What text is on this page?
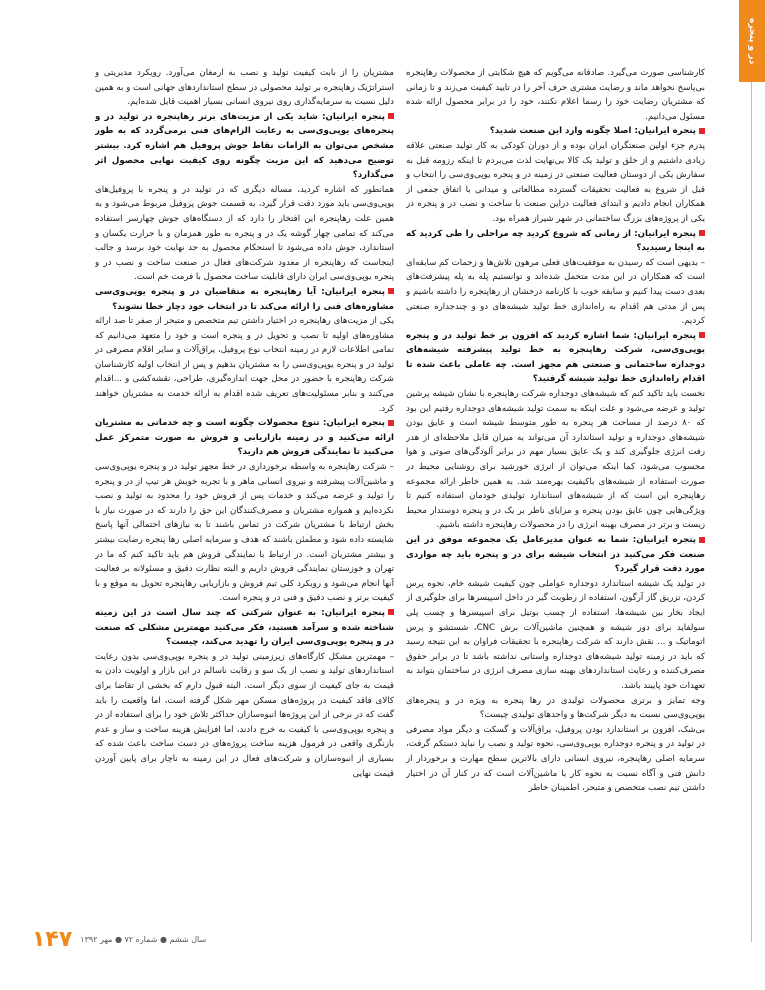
در و پنجره

کارشناسی صورت می‌گیرد. صادقانه می‌گویم که هیچ شکایتی از محصولات رهاپنجره بی‌پاسخ نخواهد ماند و رضایت مشتری حرف آخر را در تایید کیفیت می‌زند و تا زمانی که مشتریان رضایت خود را رسما اعلام نکنند، خود را در برابر محصول ارائه شده مسئول می‌دانیم.

پنجره ایرانیان: اصلا چگونه وارد این صنعت شدید؟

پدرم جزء اولین صنعتگران ایران بوده و از دوران کودکی به کار تولید صنعتی علاقه زیادی داشتیم و از خلق و تولید یک کالا بی‌نهایت لذت می‌بردم تا اینکه رزومه قبل به سفارش یکی از دوستان فعالیت صنعتی در زمینه در و پنجره یوپی‌وی‌سی را انتخاب و قبل از شروع به فعالیت تحقیقات گسترده مطالعاتی و میدانی با اتفاق جمعی از همکاران انجام دادیم و ابتدای فعالیت دراین صنعت با ساخت و نصب در و پنجره در یکی از پروژه‌های بزرگ ساختمانی در شهر شیراز همراه بود.

پنجره ایرانیان: از زمانی که شروع کردید چه مراحلی را طی کردید که به اینجا رسیدید؟

– بدیهی است که رسیدن به موفقیت‌های فعلی مرهون تلاش‌ها و زحمات کم سابقه‌ای است که همکاران در این مدت متحمل شده‌اند و توانستیم پله به پله پیشرفت‌های بعدی دست پیدا کنیم و سابقه خوب با کارنامه درخشان از رهاپنجره را داشته باشیم و پس از مدتی هم اقدام به راه‌اندازی خط تولید شیشه‌های دو و چندجداره صنعتی کردیم.

پنجره ایرانیان: شما اشاره کردید که افزون بر خط تولید در و پنجره یوپی‌وی‌سی، شرکت رهاپنجره به خط تولید پیشرفته شیشه‌های دوجداره ساختمانی و صنعتی هم مجهز است. چه عاملی باعث شده تا اقدام راه‌اندازی خط تولید شیشه گرفتید؟

نخست باید تاکید کنم که شیشه‌های دوجداره شرکت رهاپنجره با نشان شیشه پرشین تولید و عرضه می‌شود و علت اینکه به سمت تولید شیشه‌های دوجداره رفتیم این بود که ۸۰ درصد از مساحت هر پنجره به طور متوسط شیشه است و عایق بودن شیشه‌های دوجداره و تولید استاندارد آن می‌تواند به میزان قابل ملاحظه‌ای از هدر رفت انرژی جلوگیری کند و یک عایق بسیار مهم در برابر آلودگی‌های صوتی و هوا محسوب می‌شود، کما اینکه می‌توان از انرژی خورشید برای روشنایی محیط در صورت استفاده از شیشه‌های باکیفیت بهره‌مند شد. به همین خاطر ارائه مجموعه رهاپنجره این است که از شیشه‌های استاندارد تولیدی خودمان استفاده کنیم تا ویژگی‌هایی چون عایق بودن پنجره و مزایای ناظر بر یک در و پنجره دوستدار محیط زیست و برتر در مصرف بهینه انرژی را در محصولات رهاپنجره داشته باشیم.

پنجره ایرانیان: شما به عنوان مدیرعامل یک مجموعه موفق در این صنعت فکر می‌کنید در انتخاب شیشه برای در و پنجره باید چه مواردی مورد دقت قرار گیرد؟

در تولید یک شیشه استاندارد دوجداره عواملی چون کیفیت شیشه خام، نحوه پرس کردن، تزریق گاز آرگون، استفاده از رطوبت گیر در داخل اسپیسرها برای جلوگیری از ایجاد بخار بین شیشه‌ها، استفاده از چسب بوتیل برای اسپیسرها و چسب پلی سولفاید برای دور شیشه و همچنین ماشین‌آلات برش CNC، شستشو و پرس اتوماتیک و ... نقش دارند که شرکت رهاپنجره با تحقیقات فراوان به این نتیجه رسید که باید در زمینه تولید شیشه‌های دوجداره واستانی نداشته باشد تا در برابر حقوق مصرف‌کننده و رعایت استانداردهای بهینه سازی مصرف انرژی در ساختمان بتواند به تعهدات خود پایبند باشد.

وجه تمایز و برتری محصولات تولیدی در رها پنجره به ویژه در و پنجره‌های یوپی‌وی‌سی نسبت به دیگر شرکت‌ها و واحدهای تولیدی چیست؟

بی‌شک، افزون بر استاندارد بودن پروفیل، یراق‌آلات و گسکت و دیگر مواد مصرفی در تولید در و پنجره دوجداره یوپی‌وی‌سی، نحوه تولید و نصب را نباید دستکم گرفت، سرمایه اصلی رهاپنجره، نیروی انسانی دارای بالاترین سطح مهارت و برخوردار از دانش فنی و آگاه نسبت به نحوه کار با ماشین‌آلات است که در کنار آن در اختیار داشتن تیم نصب متخصص و متبحر، اطمینان خاطر

مشتریان را از بابت کیفیت تولید و نصب به ارمغان می‌آورد. رویکرد مدیریتی و استراتژیک رهاپنجره بر تولید محصولی در سطح استانداردهای جهانی است و به همین دلیل نسبت به سرمایه‌گذاری روی نیروی انسانی بسیار اهمیت قایل شده‌ایم.

پنجره ایرانیان: شاید یکی از مزیت‌های برتر رهاپنجره در تولید در و پنجره‌های یوپی‌وی‌سی به رعایت الزام‌های فنی برمی‌گردد که به طور مشخص می‌توان به الزامات نقاط جوش پروفیل هم اشاره کرد. بیشتر توضیح می‌دهید که این مزیت چگونه روی کیفیت نهایی محصول اثر می‌گذارد؟

همانطور که اشاره کردید، مساله دیگری که در تولید در و پنجره با پروفیل‌های یوپی‌وی‌سی باید مورد دقت قرار گیرد، به قسمت جوش پروفیل مربوط می‌شود و به همین علت رهاپنجره این افتخار را دارد که از دستگاه‌های جوش چهارسر استفاده می‌کند که تمامی چهار گوشه یک در و پنجره به طور همزمان و با حرارت یکسان و استاندارد، جوش داده می‌شود تا استحکام محصول به حد نهایت خود برسد و جالب اینجاست که رهاپنجره از معدود شرکت‌های فعال در صنعت ساخت و نصب در و پنجره یوپی‌وی‌سی ایران دارای قابلیت ساخت محصول با فرمت خم است.

پنجره ایرانیان: آیا رهاپنجره به متقاضیان در و پنجره یوپی‌وی‌سی مشاوره‌های فنی را ارائه می‌کند تا در انتخاب خود دچار خطا نشوند؟

یکی از مزیت‌های رهاپنجره در اختیار داشتن تیم متخصص و متبحر از صفر تا صد ارائه مشاوره‌های اولیه تا نصب و تحویل در و پنجره است و خود را متعهد می‌دانیم که تمامی اطلاعات لازم در زمینه انتخاب نوع پروفیل، یراق‌آلات و سایر اقلام مصرفی در تولید در و پنجره یوپی‌وی‌سی را به مشتریان بدهیم و پس از انتخاب اولیه کارشناسان شرکت رهاپنجره با حضور در محل جهت اندازه‌گیری، طراحی، نقشه‌کشی و ...اقدام می‌کنند و بنابر مسئولیت‌های تعریف شده اقدام به ارائه خدمت به مشتریان خواهند کرد.

پنجره ایرانیان: تنوع محصولات چگونه است و چه خدماتی به مشتریان ارائه می‌کنید و در زمینه بازاریابی و فروش به صورت متمرکز عمل می‌کنید تا نمایندگی فروش هم دارید؟

– شرکت رهاپنجره به واسطه برخورداری در خط مجهز تولید در و پنجره یوپی‌وی‌سی و ماشین‌آلات پیشرفته و نیروی انسانی ماهر و با تجربه خویش هر تیپ از در و پنجره را تولید و عرضه می‌کند و خدمات پس از فروش خود را محدود به تولید و نصب نکرده‌ایم و همواره مشتریان و مصرف‌کنندگان این حق را دارند که در صورت نیاز با بخش ارتباط با مشتریان شرکت در تماس باشند تا به نیازهای احتمالی آنها پاسخ شایسته داده شود و مطمئن باشند که هدف و سرمایه اصلی رها پنجره رضایت بیشتر و بیشتر مشتریان است. در ارتباط با نمایندگی فروش هم باید تاکید کنم که ما در تهران و خوزستان نمایندگی فروش داریم و البته نظارت دقیق و مسئولانه بر فعالیت آنها انجام می‌شود و رویکرد کلی تیم فروش و بازاریابی رهاپنجره تحویل به موقع و با کیفیت برتر و نصب دقیق و فنی در و پنجره است.

پنجره ایرانیان: به عنوان شرکتی که چند سال است در این زمینه شناخته شده و سرآمد هستید، فکر می‌کنید مهمترین مشکلی که صنعت در و پنجره یوپی‌وی‌سی ایران را تهدید می‌کند، چیست؟

– مهمترین مشکل کارگاه‌های زیرزمینی تولید در و پنجره یوپی‌وی‌سی بدون رعایت استانداردهای تولید و نصب از یک سو و رقابت ناسالم در این بازار و اولویت دادن به قیمت به جای کیفیت از سوی دیگر است. البته قبول دارم که بخشی از تقاضا برای کالای فاقد کیفیت در پروژه‌های مسکن مهر شکل گرفته است، اما واقعیت را باید گفت که در برخی از این پروژه‌ها انبوه‌سازان حداکثر تلاش خود را برای استفاده از در و پنجره یوپی‌وی‌سی با کیفیت به خرج دادند، اما افزایش هزینه ساخت و ساز و عدم بازنگری واقعی در فرمول هزینه ساخت پروژه‌های در دست ساخت باعث شده که بسیاری از انبوه‌سازان و شرکت‌های فعال در این زمینه به ناچار برای پایین آوردن قیمت نهایی

۱۴۷ سال ششم ● شماره ۷۲ ● مهر ۱۳۹۲
